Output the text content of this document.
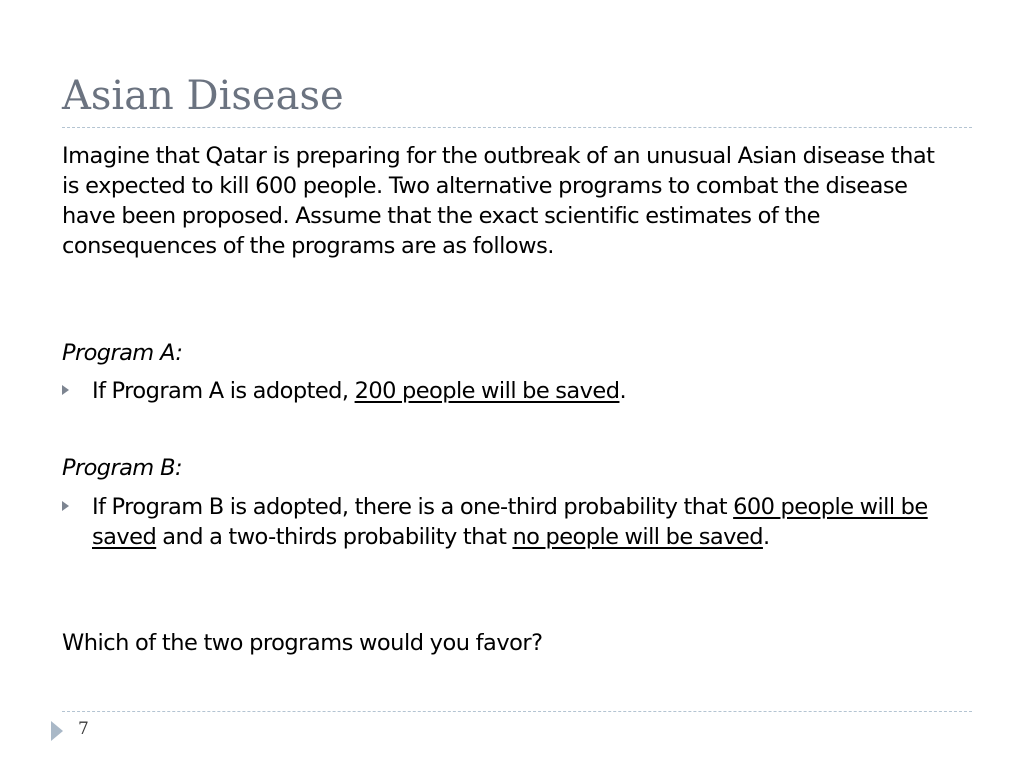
Asian Disease

Imagine that Qatar is preparing for the outbreak of an unusual Asian disease that is expected to kill 600 people. Two alternative programs to combat the disease have been proposed. Assume that the exact scientific estimates of the consequences of the programs are as follows.

Program A:

If Program A is adopted, 200 people will be saved.

Program B:

If Program B is adopted, there is a one-third probability that 600 people will be saved and a two-thirds probability that no people will be saved.

Which of the two programs would you favor?

7
